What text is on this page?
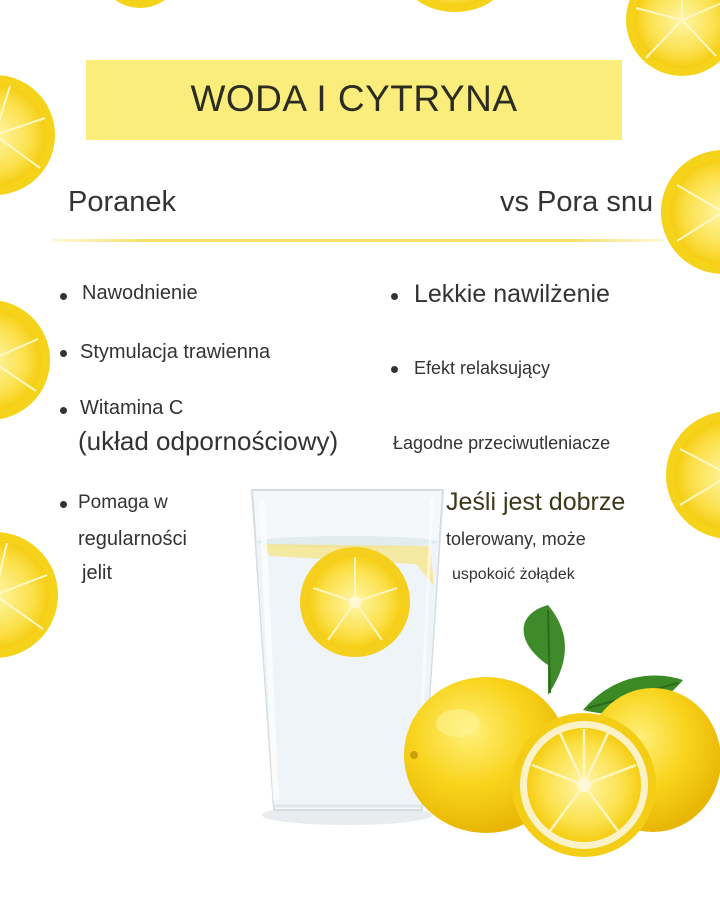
WODA I CYTRYNA
Poranek	vs Pora snu
Nawodnienie
Stymulacja trawienna
Witamina C
(układ odpornościowy)
Pomaga w
regularności
jelit
Lekkie nawilżenie
Efekt relaksujący
Łagodne przeciwutleniacze
Jeśli jest dobrze
tolerowany, może
uspokoić żołądek
